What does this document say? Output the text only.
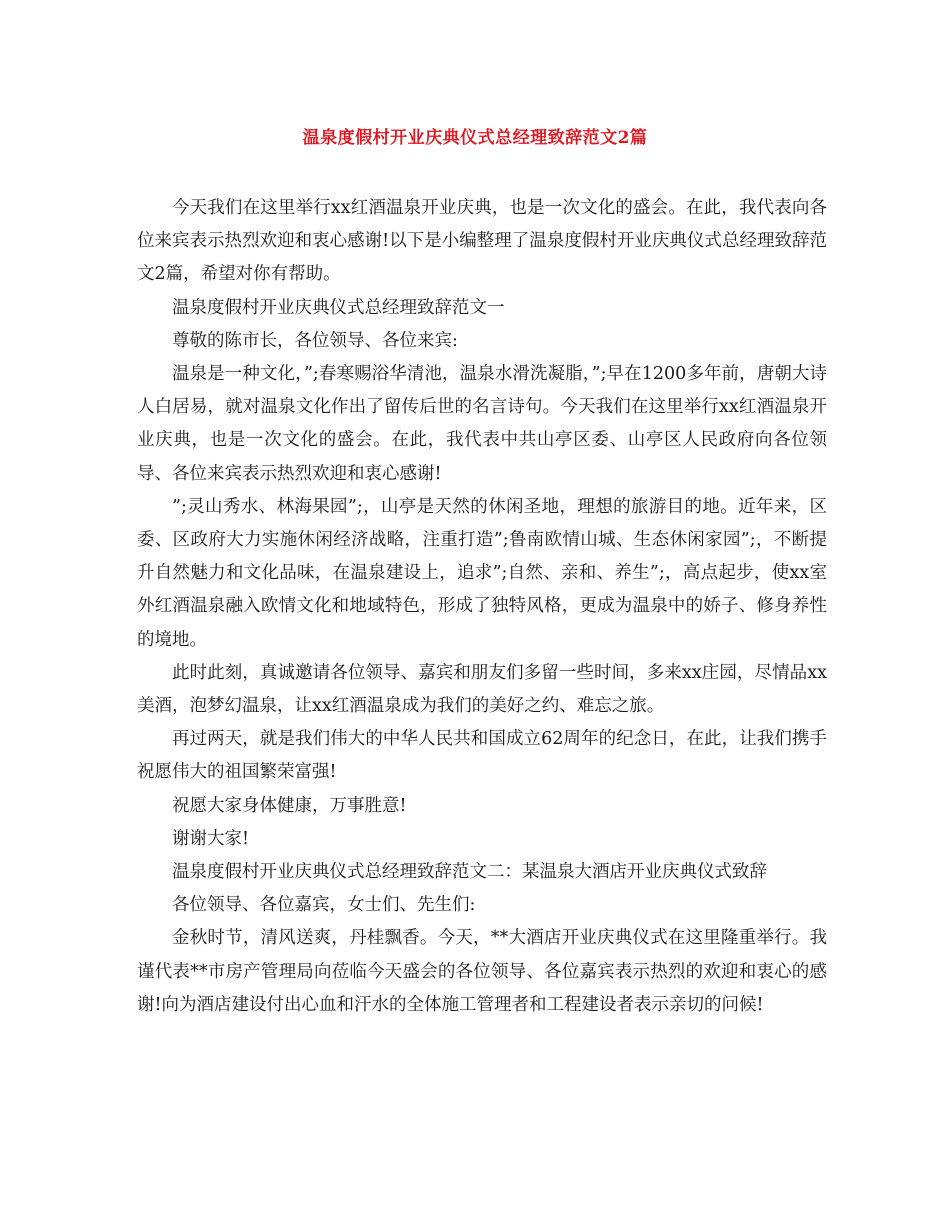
温泉度假村开业庆典仪式总经理致辞范文2篇

今天我们在这里举行xx红酒温泉开业庆典，也是一次文化的盛会。在此，我代表向各位来宾表示热烈欢迎和衷心感谢!以下是小编整理了温泉度假村开业庆典仪式总经理致辞范文2篇，希望对你有帮助。

温泉度假村开业庆典仪式总经理致辞范文一

尊敬的陈市长，各位领导、各位来宾:

温泉是一种文化，”;春寒赐浴华清池，温泉水滑洗凝脂，”;早在1200多年前，唐朝大诗人白居易，就对温泉文化作出了留传后世的名言诗句。今天我们在这里举行xx红酒温泉开业庆典，也是一次文化的盛会。在此，我代表中共山亭区委、山亭区人民政府向各位领导、各位来宾表示热烈欢迎和衷心感谢!

”;灵山秀水、林海果园”;，山亭是天然的休闲圣地，理想的旅游目的地。近年来，区委、区政府大力实施休闲经济战略，注重打造”;鲁南欧情山城、生态休闲家园”;，不断提升自然魅力和文化品味，在温泉建设上，追求”;自然、亲和、养生”;，高点起步，使xx室外红酒温泉融入欧情文化和地域特色，形成了独特风格，更成为温泉中的娇子、修身养性的境地。

此时此刻，真诚邀请各位领导、嘉宾和朋友们多留一些时间，多来xx庄园，尽情品xx美酒，泡梦幻温泉，让xx红酒温泉成为我们的美好之约、难忘之旅。

再过两天，就是我们伟大的中华人民共和国成立62周年的纪念日，在此，让我们携手祝愿伟大的祖国繁荣富强!

祝愿大家身体健康，万事胜意!

谢谢大家!

温泉度假村开业庆典仪式总经理致辞范文二：某温泉大酒店开业庆典仪式致辞

各位领导、各位嘉宾，女士们、先生们:

金秋时节，清风送爽，丹桂飘香。今天，**大酒店开业庆典仪式在这里隆重举行。我谨代表**市房产管理局向莅临今天盛会的各位领导、各位嘉宾表示热烈的欢迎和衷心的感谢!向为酒店建设付出心血和汗水的全体施工管理者和工程建设者表示亲切的问候!
